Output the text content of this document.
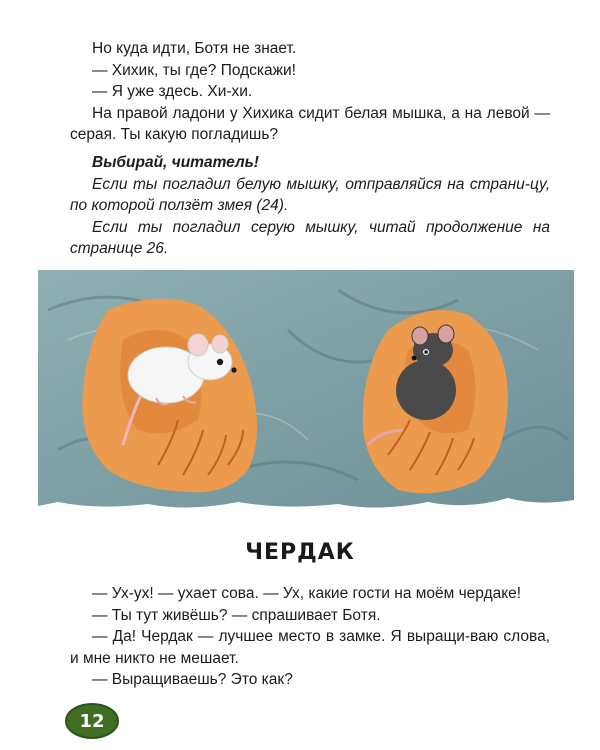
Но куда идти, Ботя не знает.

— Хихик, ты где? Подскажи!

— Я уже здесь. Хи-хи.

На правой ладони у Хихика сидит белая мышка, а на левой — серая. Ты какую погладишь?

Выбирай, читатель!

Если ты погладил белую мышку, отправляйся на страни-цу, по которой ползёт змея (24).

Если ты погладил серую мышку, читай продолжение на странице 26.

ЧЕРДАК

— Ух-ух! — ухает сова. — Ух, какие гости на моём чердаке!

— Ты тут живёшь? — спрашивает Ботя.

— Да! Чердак — лучшее место в замке. Я выращи-ваю слова, и мне никто не мешает.

— Выращиваешь? Это как?

12
